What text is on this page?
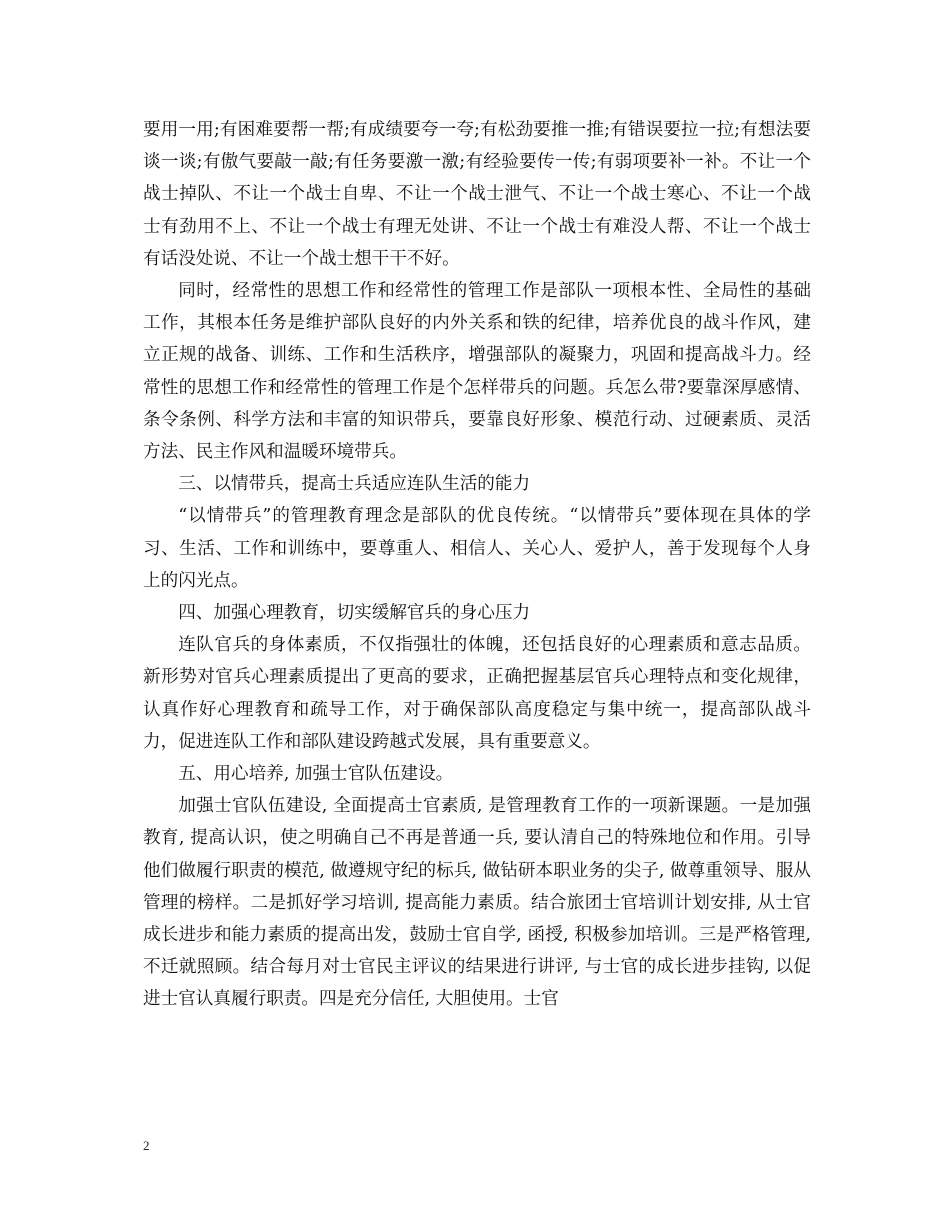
要用一用;有困难要帮一帮;有成绩要夸一夸;有松劲要推一推;有错误要拉一拉;有想法要谈一谈;有傲气要敲一敲;有任务要激一激;有经验要传一传;有弱项要补一补。不让一个战士掉队、不让一个战士自卑、不让一个战士泄气、不让一个战士寒心、不让一个战士有劲用不上、不让一个战士有理无处讲、不让一个战士有难没人帮、不让一个战士有话没处说、不让一个战士想干干不好。

同时，经常性的思想工作和经常性的管理工作是部队一项根本性、全局性的基础工作，其根本任务是维护部队良好的内外关系和铁的纪律，培养优良的战斗作风，建立正规的战备、训练、工作和生活秩序，增强部队的凝聚力，巩固和提高战斗力。经常性的思想工作和经常性的管理工作是个怎样带兵的问题。兵怎么带?要靠深厚感情、条令条例、科学方法和丰富的知识带兵，要靠良好形象、模范行动、过硬素质、灵活方法、民主作风和温暖环境带兵。

三、以情带兵，提高士兵适应连队生活的能力

“以情带兵”的管理教育理念是部队的优良传统。“以情带兵”要体现在具体的学习、生活、工作和训练中，要尊重人、相信人、关心人、爱护人，善于发现每个人身上的闪光点。

四、加强心理教育，切实缓解官兵的身心压力

连队官兵的身体素质，不仅指强壮的体魄，还包括良好的心理素质和意志品质。新形势对官兵心理素质提出了更高的要求，正确把握基层官兵心理特点和变化规律，认真作好心理教育和疏导工作，对于确保部队高度稳定与集中统一，提高部队战斗力，促进连队工作和部队建设跨越式发展，具有重要意义。

五、用心培养, 加强士官队伍建设。

加强士官队伍建设, 全面提高士官素质, 是管理教育工作的一项新课题。一是加强教育, 提高认识，使之明确自己不再是普通一兵, 要认清自己的特殊地位和作用。引导他们做履行职责的模范, 做遵规守纪的标兵, 做钻研本职业务的尖子, 做尊重领导、服从管理的榜样。二是抓好学习培训, 提高能力素质。结合旅团士官培训计划安排, 从士官成长进步和能力素质的提高出发，鼓励士官自学, 函授, 积极参加培训。三是严格管理, 不迁就照顾。结合每月对士官民主评议的结果进行讲评, 与士官的成长进步挂钩, 以促进士官认真履行职责。四是充分信任, 大胆使用。士官

2
